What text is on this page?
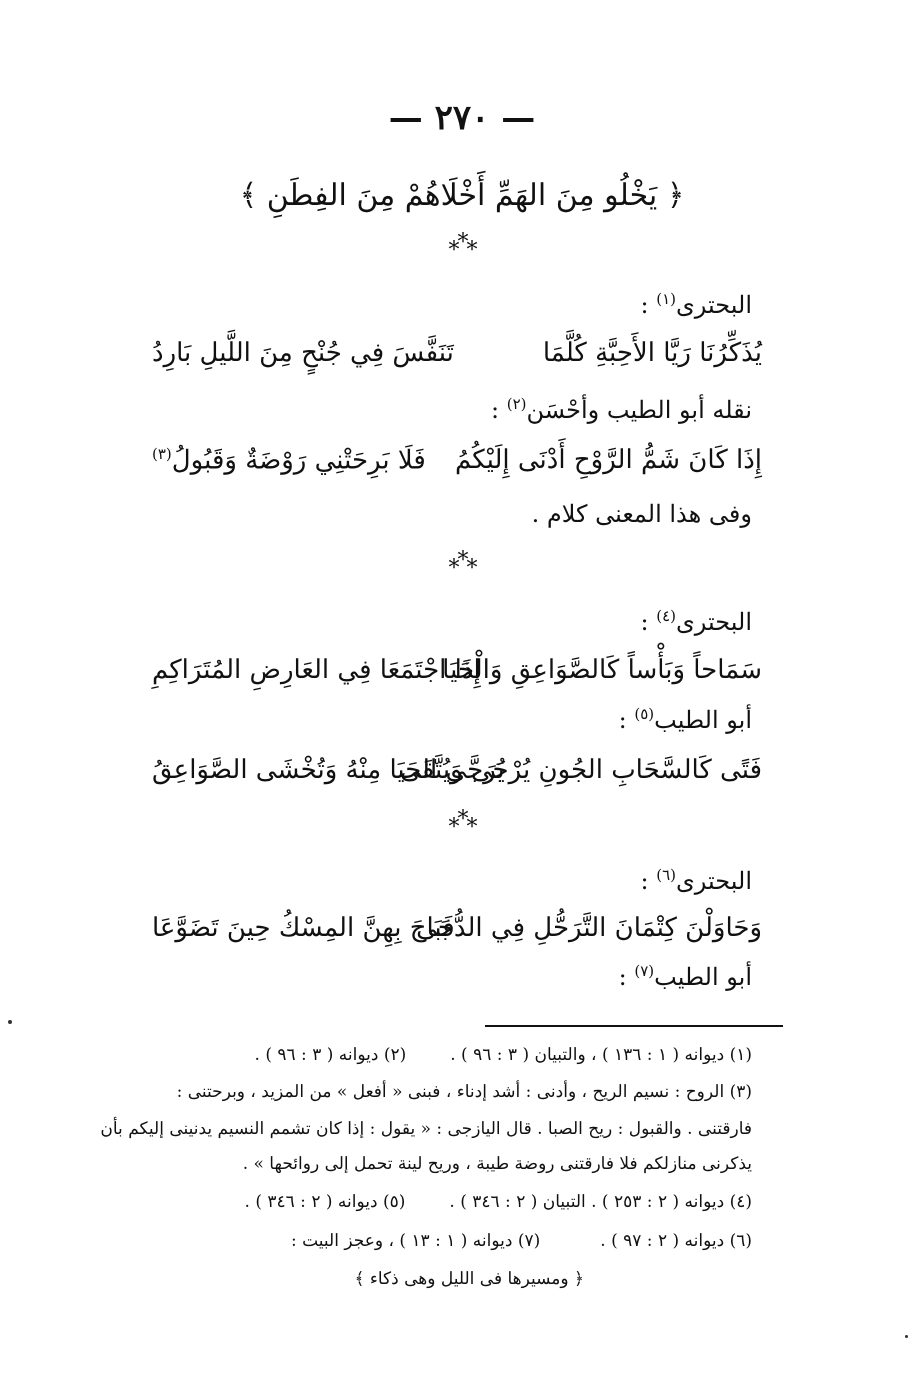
— ٢٧٠ —
﴿ يَخْلُو مِنَ الهَمِّ أَخْلَاهُمْ مِنَ الفِطَنِ ﴾
***
البحترى$^{(١)}$ :
يُذَكِّرُنَا رَيَّا الأَحِبَّةِ كُلَّمَا
تَنَفَّسَ فِي جُنْحٍ مِنَ اللَّيلِ بَارِدُ
نقله أبو الطيب وأحْسَن$^{(٢)}$ :
إِذَا كَانَ شَمُّ الرَّوْحِ أَدْنَى إِلَيْكُمُ
فَلَا بَرِحَتْنِي رَوْضَةٌ وَقَبُولُ$^{(٣)}$
وفى هذا المعنى كلام .
***
البحترى$^{(٤)}$ :
سَمَاحاً وَبَأْساً كَالصَّوَاعِقِ وَالْحَيَا
إِذَا اجْتَمَعَا فِي العَارِضِ المُتَرَاكِمِ
أبو الطيب$^{(٥)}$ :
فَتًى كَالسَّحَابِ الجُونِ يُرْجَى وَيُتَّقَى
يُرَجَّى الحَيَا مِنْهُ وَتُخْشَى الصَّوَاعِقُ
***
البحترى$^{(٦)}$ :
وَحَاوَلْنَ كِتْمَانَ التَّرَحُّلِ فِي الدُّجَى
فَبَاحَ بِهِنَّ المِسْكُ حِينَ تَضَوَّعَا
أبو الطيب$^{(٧)}$ :
(١) ديوانه ( ١ : ١٣٦ ) ، والتبيان ( ٣ : ٩٦ ) .(٢) ديوانه ( ٣ : ٩٦ ) .
(٣) الروح : نسيم الريح ، وأدنى : أشد إدناء ، فبنى « أفعل » من المزيد ، وبرحتنى :
فارقتنى . والقبول : ريح الصبا . قال اليازجى : « يقول : إذا كان تشمم النسيم يدنينى إليكم بأن
يذكرنى منازلكم فلا فارقتنى روضة طيبة ، وريح لينة تحمل إلى روائحها » .
(٤) ديوانه ( ٢ : ٢٥٣ ) . التبيان ( ٢ : ٣٤٦ ) .(٥) ديوانه ( ٢ : ٣٤٦ ) .
(٦) ديوانه ( ٢ : ٩٧ ) .(٧) ديوانه ( ١ : ١٣ ) ، وعجز البيت :
﴿ ومسيرها فى الليل وهى ذكاء ﴾
